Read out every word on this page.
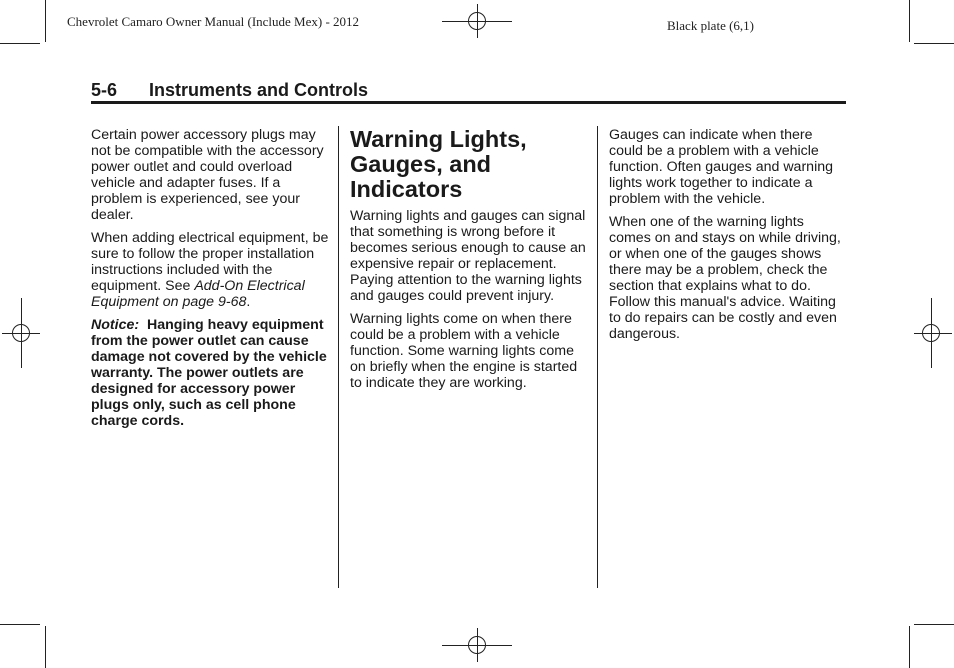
Chevrolet Camaro Owner Manual (Include Mex) - 2012	Black plate (6,1)
5-6 Instruments and Controls

Certain power accessory plugs may not be compatible with the accessory power outlet and could overload vehicle and adapter fuses. If a problem is experienced, see your dealer.

When adding electrical equipment, be sure to follow the proper installation instructions included with the equipment. See Add-On Electrical Equipment on page 9-68.

Notice: Hanging heavy equipment from the power outlet can cause damage not covered by the vehicle warranty. The power outlets are designed for accessory power plugs only, such as cell phone charge cords.

Warning Lights, Gauges, and Indicators

Warning lights and gauges can signal that something is wrong before it becomes serious enough to cause an expensive repair or replacement. Paying attention to the warning lights and gauges could prevent injury.

Warning lights come on when there could be a problem with a vehicle function. Some warning lights come on briefly when the engine is started to indicate they are working.

Gauges can indicate when there could be a problem with a vehicle function. Often gauges and warning lights work together to indicate a problem with the vehicle.

When one of the warning lights comes on and stays on while driving, or when one of the gauges shows there may be a problem, check the section that explains what to do. Follow this manual's advice. Waiting to do repairs can be costly and even dangerous.
